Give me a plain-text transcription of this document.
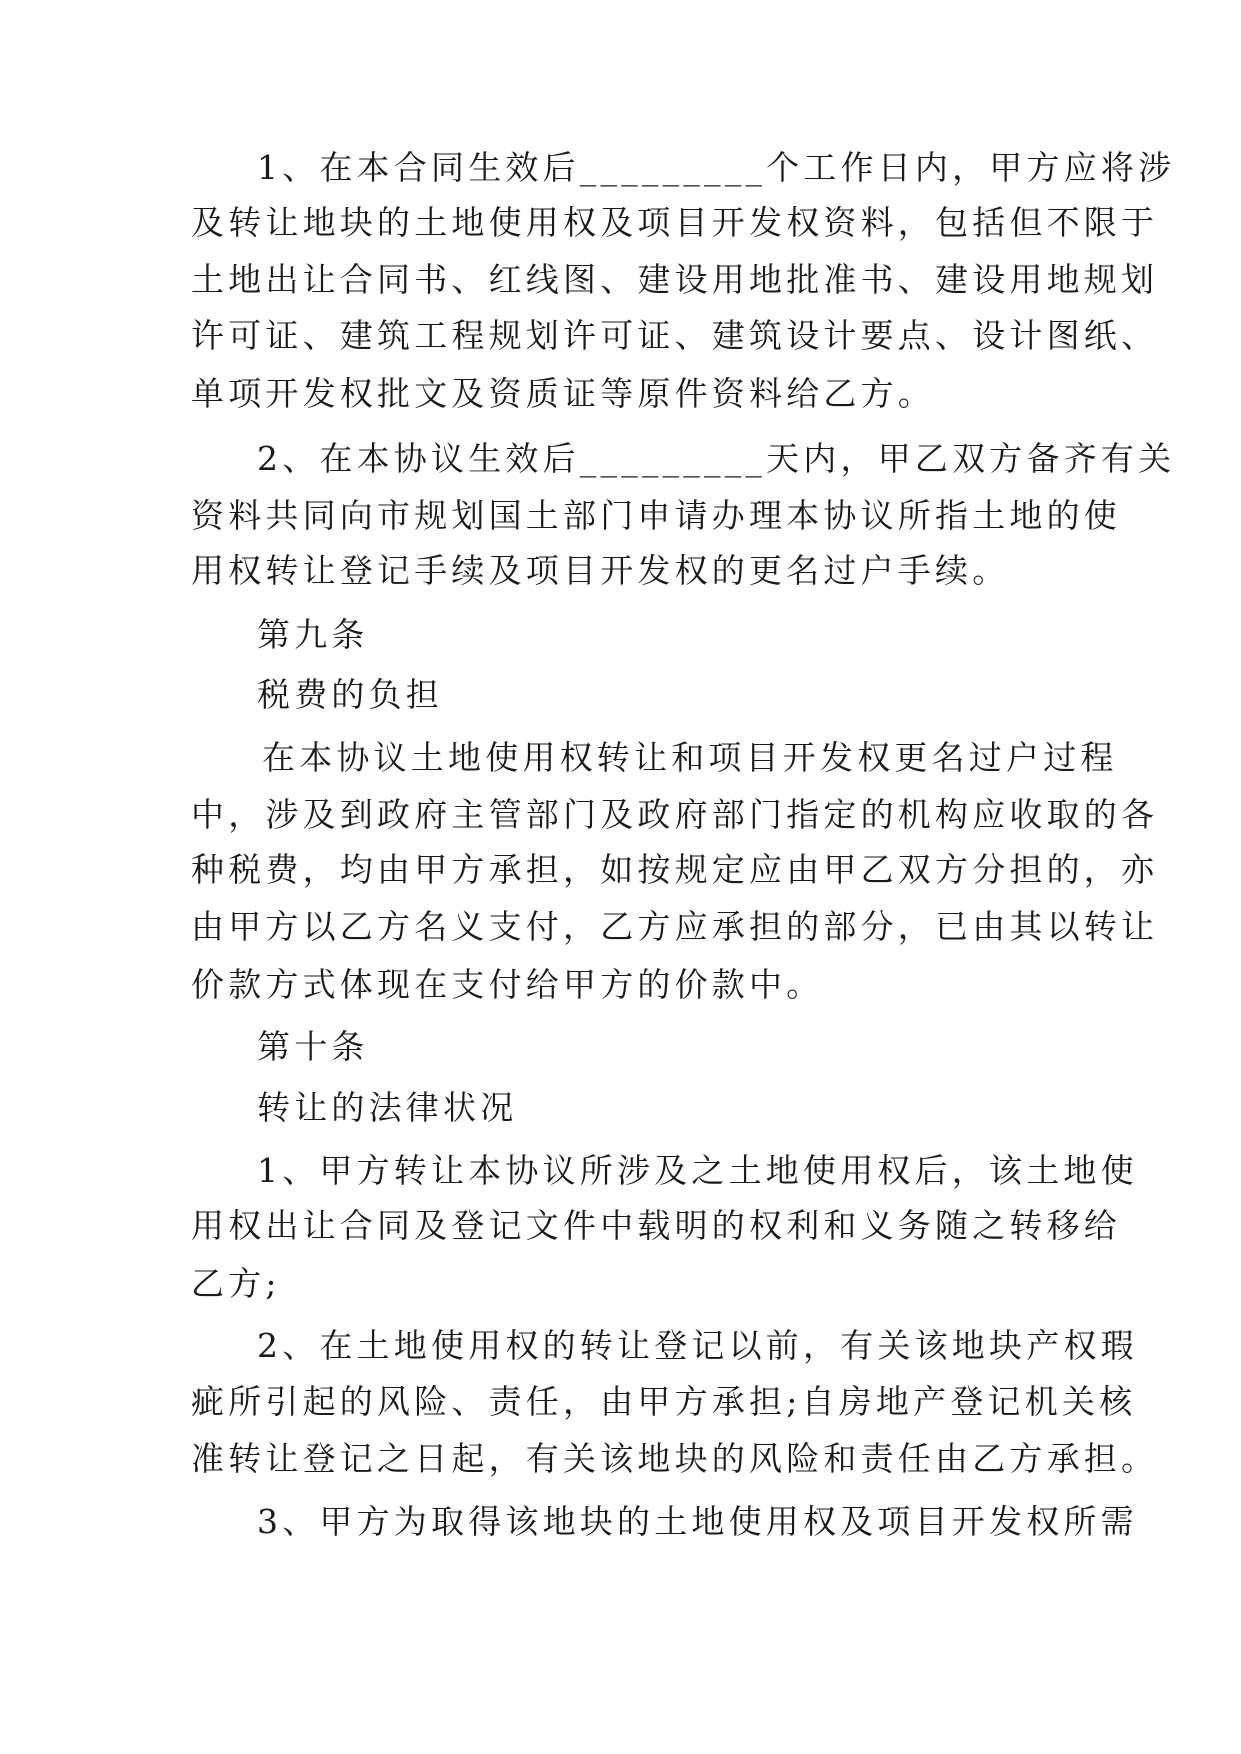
1、在本合同生效后_________个工作日内，甲方应将涉
及转让地块的土地使用权及项目开发权资料，包括但不限于
土地出让合同书、红线图、建设用地批准书、建设用地规划
许可证、建筑工程规划许可证、建筑设计要点、设计图纸、
单项开发权批文及资质证等原件资料给乙方。
2、在本协议生效后_________天内，甲乙双方备齐有关
资料共同向市规划国土部门申请办理本协议所指土地的使
用权转让登记手续及项目开发权的更名过户手续。
第九条
税费的负担
在本协议土地使用权转让和项目开发权更名过户过程
中，涉及到政府主管部门及政府部门指定的机构应收取的各
种税费，均由甲方承担，如按规定应由甲乙双方分担的，亦
由甲方以乙方名义支付，乙方应承担的部分，已由其以转让
价款方式体现在支付给甲方的价款中。
第十条
转让的法律状况
1、甲方转让本协议所涉及之土地使用权后，该土地使
用权出让合同及登记文件中载明的权利和义务随之转移给
乙方;
2、在土地使用权的转让登记以前，有关该地块产权瑕
疵所引起的风险、责任，由甲方承担;自房地产登记机关核
准转让登记之日起，有关该地块的风险和责任由乙方承担。
3、甲方为取得该地块的土地使用权及项目开发权所需
